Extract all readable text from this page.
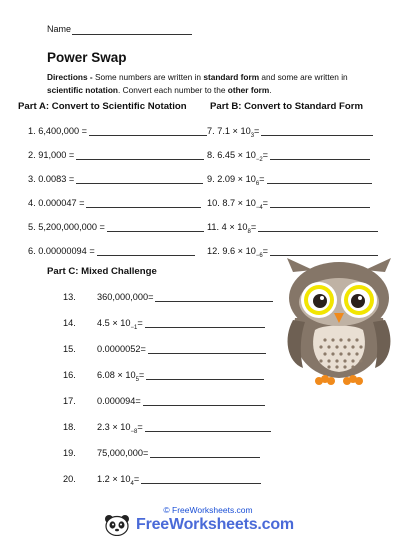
Name
Power Swap
Directions - Some numbers are written in standard form and some are written in scientific notation. Convert each number to the other form.
Part A: Convert to Scientific Notation Part B: Convert to Standard Form
1.
6,400,000 =
2.
91,000 =
3.
0.0083 =
4.
0.000047 =
5.
5,200,000,000 =
6.
0.00000094 =
7.
7.1 × 10 3 =
8.
6.45 × 10 −2 =
9.
2.09 × 10 6 =
10.
8.7 × 10 −4 =
11.
4 × 10 8 =
12.
9.6 × 10 −6 =
Part C: Mixed Challenge
13. 360,000,000 =
14. 4.5 × 10 −1 =
15. 0.0000052 =
16. 6.08 × 10 5 =
17. 0.000094 =
18. 2.3 × 10 −8 =
19. 75,000,000 =
20. 1.2 × 10 4 =
© FreeWorksheets.com
FreeWorksheets.com
